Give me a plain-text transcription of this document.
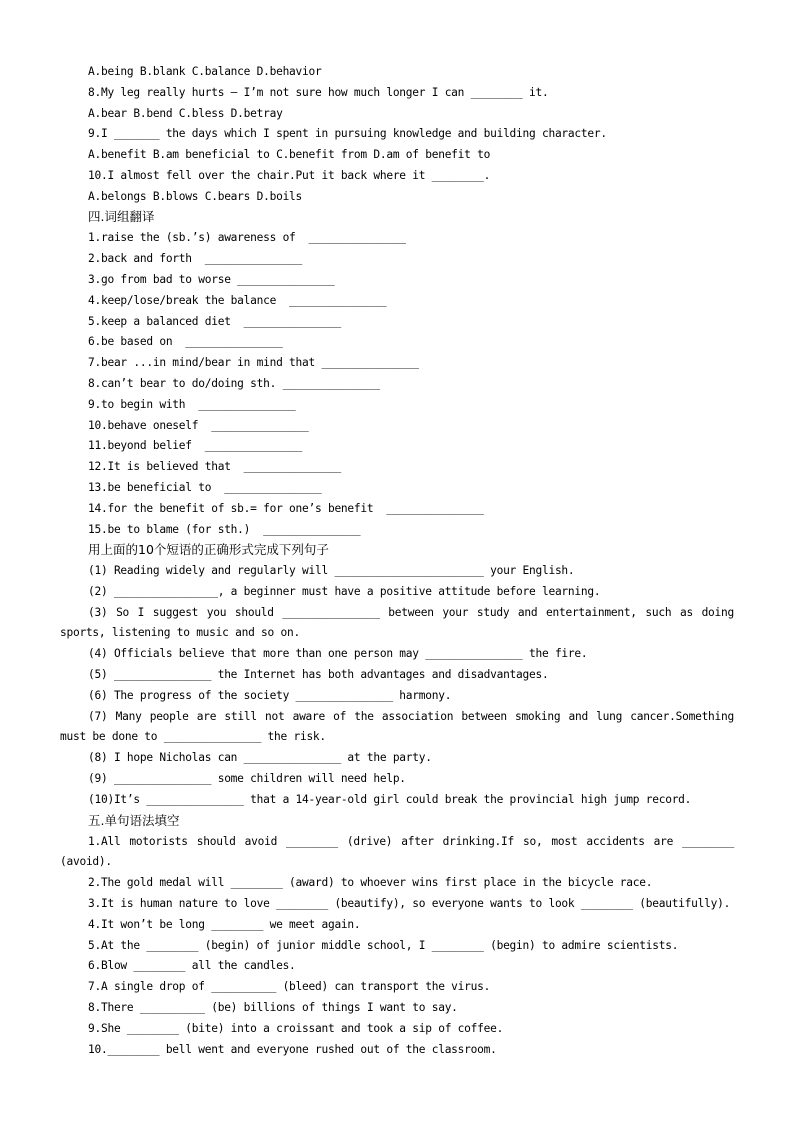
A.being B.blank C.balance D.behavior
8.My leg really hurts — I’m not sure how much longer I can ________ it.
A.bear B.bend C.bless D.betray
9.I _______ the days which I spent in pursuing knowledge and building character.
A.benefit B.am beneficial to C.benefit from D.am of benefit to
10.I almost fell over the chair.Put it back where it ________.
A.belongs B.blows C.bears D.boils
四.词组翻译
1.raise the (sb.’s) awareness of  _______________
2.back and forth  _______________
3.go from bad to worse _______________
4.keep/lose/break the balance  _______________
5.keep a balanced diet  _______________
6.be based on  _______________
7.bear ...in mind/bear in mind that _______________
8.can’t bear to do/doing sth. _______________
9.to begin with  _______________
10.behave oneself  _______________
11.beyond belief  _______________
12.It is believed that  _______________
13.be beneficial to  _______________
14.for the benefit of sb.= for one’s benefit  _______________
15.be to blame (for sth.)  _______________
用上面的10个短语的正确形式完成下列句子
(1) Reading widely and regularly will _______________________ your English.
(2) ________________, a beginner must have a positive attitude before learning.
(3) So I suggest you should _______________ between your study and entertainment, such as doing sports, listening to music and so on.
(4) Officials believe that more than one person may _______________ the fire.
(5) _______________ the Internet has both advantages and disadvantages.
(6) The progress of the society _______________ harmony.
(7) Many people are still not aware of the association between smoking and lung cancer.Something must be done to _______________ the risk.
(8) I hope Nicholas can _______________ at the party.
(9) _______________ some children will need help.
(10)It’s _______________ that a 14-year-old girl could break the provincial high jump record.
五.单句语法填空
1.All motorists should avoid ________ (drive) after drinking.If so, most accidents are ________ (avoid).
2.The gold medal will ________ (award) to whoever wins first place in the bicycle race.
3.It is human nature to love ________ (beautify), so everyone wants to look ________ (beautifully).
4.It won’t be long ________ we meet again.
5.At the ________ (begin) of junior middle school, I ________ (begin) to admire scientists.
6.Blow ________ all the candles.
7.A single drop of __________ (bleed) can transport the virus.
8.There __________ (be) billions of things I want to say.
9.She ________ (bite) into a croissant and took a sip of coffee.
10.________ bell went and everyone rushed out of the classroom.
